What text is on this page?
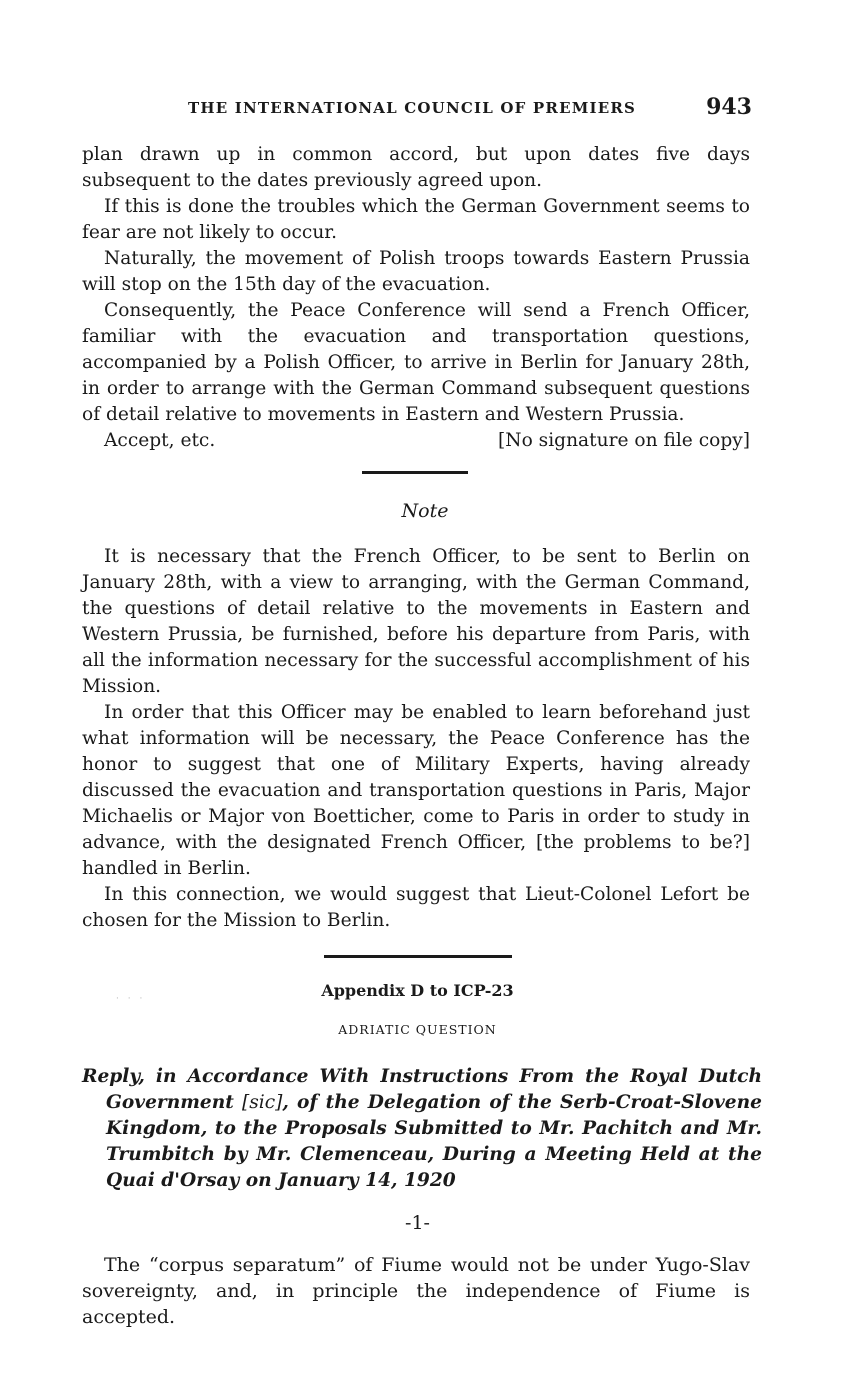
THE INTERNATIONAL COUNCIL OF PREMIERS	943

plan drawn up in common accord, but upon dates five days subsequent to the dates previously agreed upon.

If this is done the troubles which the German Government seems to fear are not likely to occur.

Naturally, the movement of Polish troops towards Eastern Prussia will stop on the 15th day of the evacuation.

Consequently, the Peace Conference will send a French Officer, familiar with the evacuation and transportation questions, accompanied by a Polish Officer, to arrive in Berlin for January 28th, in order to arrange with the German Command subsequent questions of detail relative to movements in Eastern and Western Prussia.

Accept, etc.	[No signature on file copy]

Note

It is necessary that the French Officer, to be sent to Berlin on January 28th, with a view to arranging, with the German Command, the questions of detail relative to the movements in Eastern and Western Prussia, be furnished, before his departure from Paris, with all the information necessary for the successful accomplishment of his Mission.

In order that this Officer may be enabled to learn beforehand just what information will be necessary, the Peace Conference has the honor to suggest that one of Military Experts, having already discussed the evacuation and transportation questions in Paris, Major Michaelis or Major von Boetticher, come to Paris in order to study in advance, with the designated French Officer, [the problems to be?] handled in Berlin.

In this connection, we would suggest that Lieut-Colonel Lefort be chosen for the Mission to Berlin.

· · ·	Appendix D to ICP-23
ADRIATIC QUESTION
Reply, in Accordance With Instructions From the Royal Dutch Government [sic], of the Delegation of the Serb-Croat-Slovene Kingdom, to the Proposals Submitted to Mr. Pachitch and Mr. Trumbitch by Mr. Clemenceau, During a Meeting Held at the Quai d'Orsay on January 14, 1920
-1-

The “corpus separatum” of Fiume would not be under Yugo-Slav sovereignty, and, in principle the independence of Fiume is accepted.
